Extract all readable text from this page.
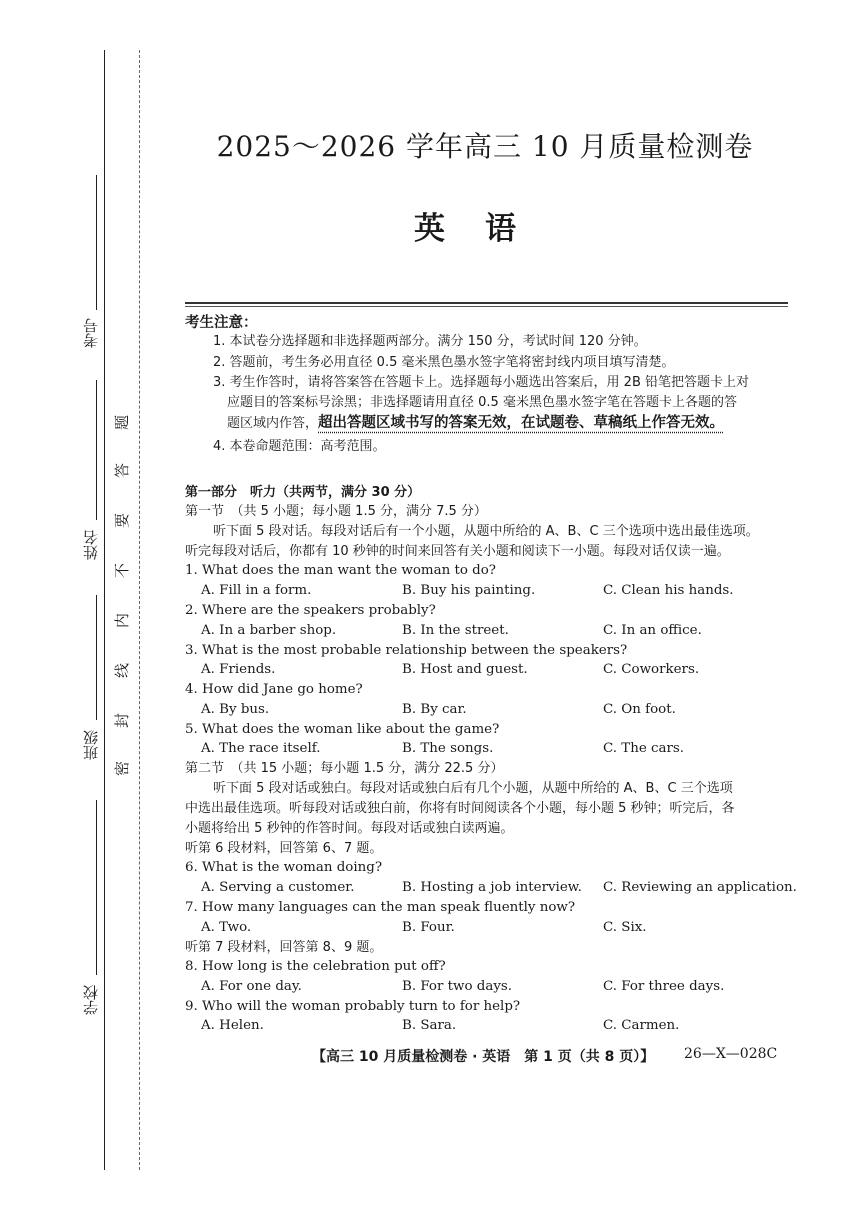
考号
姓名
班级
学校
题
答
要
不
内
线
封
密
2025～2026 学年高三 10 月质量检测卷
英语
考生注意：
1. 本试卷分选择题和非选择题两部分。满分 150 分，考试时间 120 分钟。
2. 答题前，考生务必用直径 0.5 毫米黑色墨水签字笔将密封线内项目填写清楚。
3. 考生作答时，请将答案答在答题卡上。选择题每小题选出答案后，用 2B 铅笔把答题卡上对
应题目的答案标号涂黑；非选择题请用直径 0.5 毫米黑色墨水签字笔在答题卡上各题的答
题区域内作答，超出答题区域书写的答案无效，在试题卷、草稿纸上作答无效。
4. 本卷命题范围：高考范围。
第一部分　听力（共两节，满分 30 分）
第一节　（共 5 小题；每小题 1.5 分，满分 7.5 分）
听下面 5 段对话。每段对话后有一个小题，从题中所给的 A、B、C 三个选项中选出最佳选项。
听完每段对话后，你都有 10 秒钟的时间来回答有关小题和阅读下一小题。每段对话仅读一遍。
1. What does the man want the woman to do?
A. Fill in a form.	B. Buy his painting.	C. Clean his hands.
2. Where are the speakers probably?
A. In a barber shop.	B. In the street.	C. In an office.
3. What is the most probable relationship between the speakers?
A. Friends.	B. Host and guest.	C. Coworkers.
4. How did Jane go home?
A. By bus.	B. By car.	C. On foot.
5. What does the woman like about the game?
A. The race itself.	B. The songs.	C. The cars.
第二节　（共 15 小题；每小题 1.5 分，满分 22.5 分）
听下面 5 段对话或独白。每段对话或独白后有几个小题，从题中所给的 A、B、C 三个选项
中选出最佳选项。听每段对话或独白前，你将有时间阅读各个小题，每小题 5 秒钟；听完后，各
小题将给出 5 秒钟的作答时间。每段对话或独白读两遍。
听第 6 段材料，回答第 6、7 题。
6. What is the woman doing?
A. Serving a customer.	B. Hosting a job interview. C. Reviewing an application.
7. How many languages can the man speak fluently now?
A. Two.	B. Four.	C. Six.
听第 7 段材料，回答第 8、9 题。
8. How long is the celebration put off?
A. For one day.	B. For two days.	C. For three days.
9. Who will the woman probably turn to for help?
A. Helen.	B. Sara.	C. Carmen.
【高三 10 月质量检测卷 · 英语　第 1 页（共 8 页）】 26—X—028C
